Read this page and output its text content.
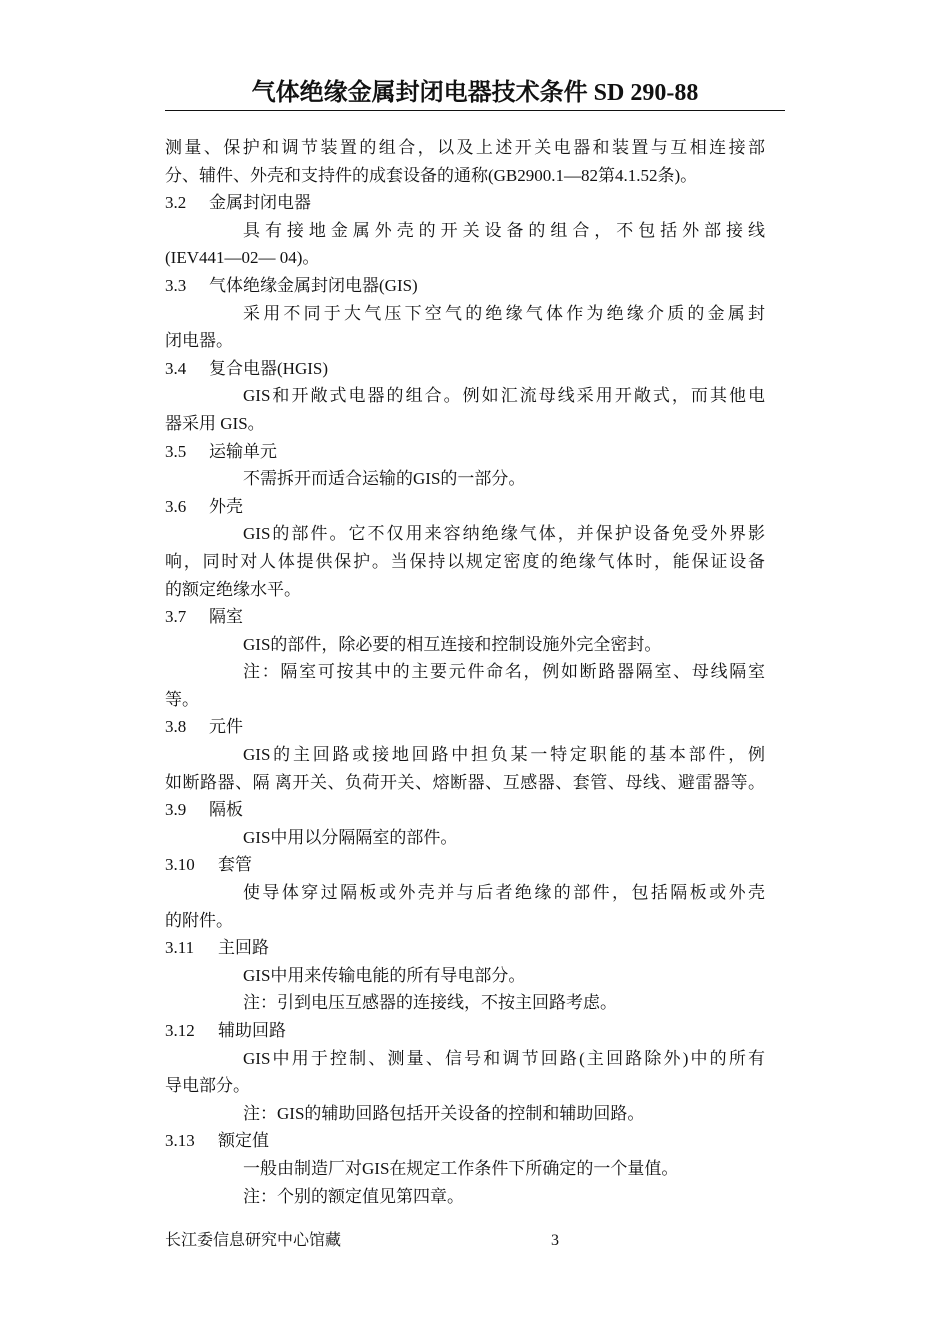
气体绝缘金属封闭电器技术条件 SD 290-88
测量、保护和调节装置的组合，以及上述开关电器和装置与互相连接部
分、辅件、外壳和支持件的成套设备的通称(GB2900.1—82第4.1.52条)。
3.2 金属封闭电器
具有接地金属外壳的开关设备的组合，不包括外部接线
(IEV441—02— 04)。
3.3 气体绝缘金属封闭电器(GIS)
采用不同于大气压下空气的绝缘气体作为绝缘介质的金属封
闭电器。
3.4 复合电器(HGIS)
GIS和开敞式电器的组合。例如汇流母线采用开敞式，而其他电
器采用 GIS。
3.5 运输单元
不需拆开而适合运输的GIS的一部分。
3.6 外壳
GIS的部件。它不仅用来容纳绝缘气体，并保护设备免受外界影
响，同时对人体提供保护。当保持以规定密度的绝缘气体时，能保证设备
的额定绝缘水平。
3.7 隔室
GIS的部件，除必要的相互连接和控制设施外完全密封。
注：隔室可按其中的主要元件命名，例如断路器隔室、母线隔室
等。
3.8 元件
GIS的主回路或接地回路中担负某一特定职能的基本部件，例
如断路器、隔 离开关、负荷开关、熔断器、互感器、套管、母线、避雷器等。
3.9 隔板
GIS中用以分隔隔室的部件。
3.10 套管
使导体穿过隔板或外壳并与后者绝缘的部件，包括隔板或外壳
的附件。
3.11 主回路
GIS中用来传输电能的所有导电部分。
注：引到电压互感器的连接线，不按主回路考虑。
3.12 辅助回路
GIS中用于控制、测量、信号和调节回路(主回路除外)中的所有
导电部分。
注：GIS的辅助回路包括开关设备的控制和辅助回路。
3.13 额定值
一般由制造厂对GIS在规定工作条件下所确定的一个量值。
注：个别的额定值见第四章。
长江委信息研究中心馆藏	3
